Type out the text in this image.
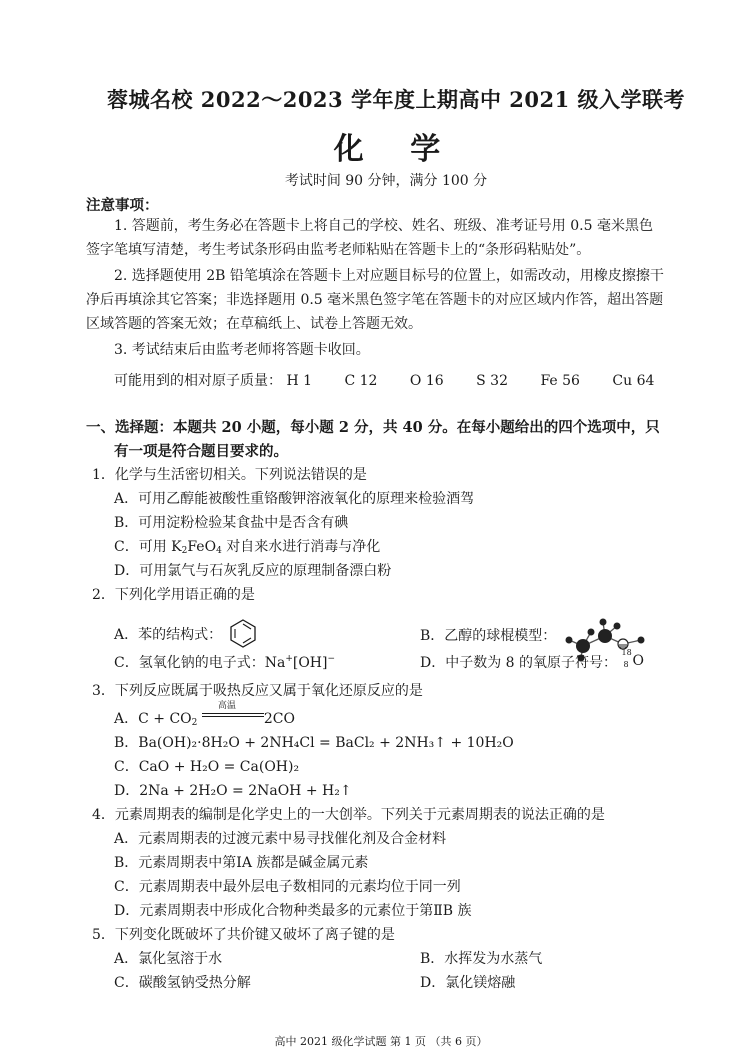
蓉城名校 2022～2023 学年度上期高中 2021 级入学联考
化 学
考试时间 90 分钟，满分 100 分
注意事项：
1. 答题前，考生务必在答题卡上将自己的学校、姓名、班级、准考证号用 0.5 毫米黑色签字笔填写清楚，考生考试条形码由监考老师粘贴在答题卡上的“条形码粘贴处”。
2. 选择题使用 2B 铅笔填涂在答题卡上对应题目标号的位置上，如需改动，用橡皮擦擦干净后再填涂其它答案；非选择题用 0.5 毫米黑色签字笔在答题卡的对应区域内作答，超出答题区域答题的答案无效；在草稿纸上、试卷上答题无效。
3. 考试结束后由监考老师将答题卡收回。
可能用到的相对原子质量： H 1 C 12 O 16 S 32 Fe 56 Cu 64
一、选择题：本题共 20 小题，每小题 2 分，共 40 分。在每小题给出的四个选项中，只
有一项是符合题目要求的。
1．化学与生活密切相关。下列说法错误的是
A．可用乙醇能被酸性重铬酸钾溶液氧化的原理来检验酒驾
B．可用淀粉检验某食盐中是否含有碘
C．可用 $K_2FeO_4$ 对自来水进行消毒与净化
D．可用氯气与石灰乳反应的原理制备漂白粉
2．下列化学用语正确的是
A．苯的结构式：	B．乙醇的球棍模型：
C．氢氧化钠的电子式：Na+[OH]−	D．中子数为 8 的氧原子符号：
18
8 O
3．下列反应既属于吸热反应又属于氧化还原反应的是
A．$C + CO_2$
高温
2CO
B．Ba(OH)₂·8H₂O + 2NH₄Cl = BaCl₂ + 2NH₃↑ + 10H₂O
C．CaO + H₂O = Ca(OH)₂
D．2Na + 2H₂O = 2NaOH + H₂↑
4．元素周期表的编制是化学史上的一大创举。下列关于元素周期表的说法正确的是
A．元素周期表的过渡元素中易寻找催化剂及合金材料
B．元素周期表中第ⅠA 族都是碱金属元素
C．元素周期表中最外层电子数相同的元素均位于同一列
D．元素周期表中形成化合物种类最多的元素位于第ⅡB 族
5．下列变化既破坏了共价键又破坏了离子键的是
A．氯化氢溶于水	B．水挥发为水蒸气
C．碳酸氢钠受热分解	D．氯化镁熔融
高中 2021 级化学试题 第 1 页 （共 6 页）
